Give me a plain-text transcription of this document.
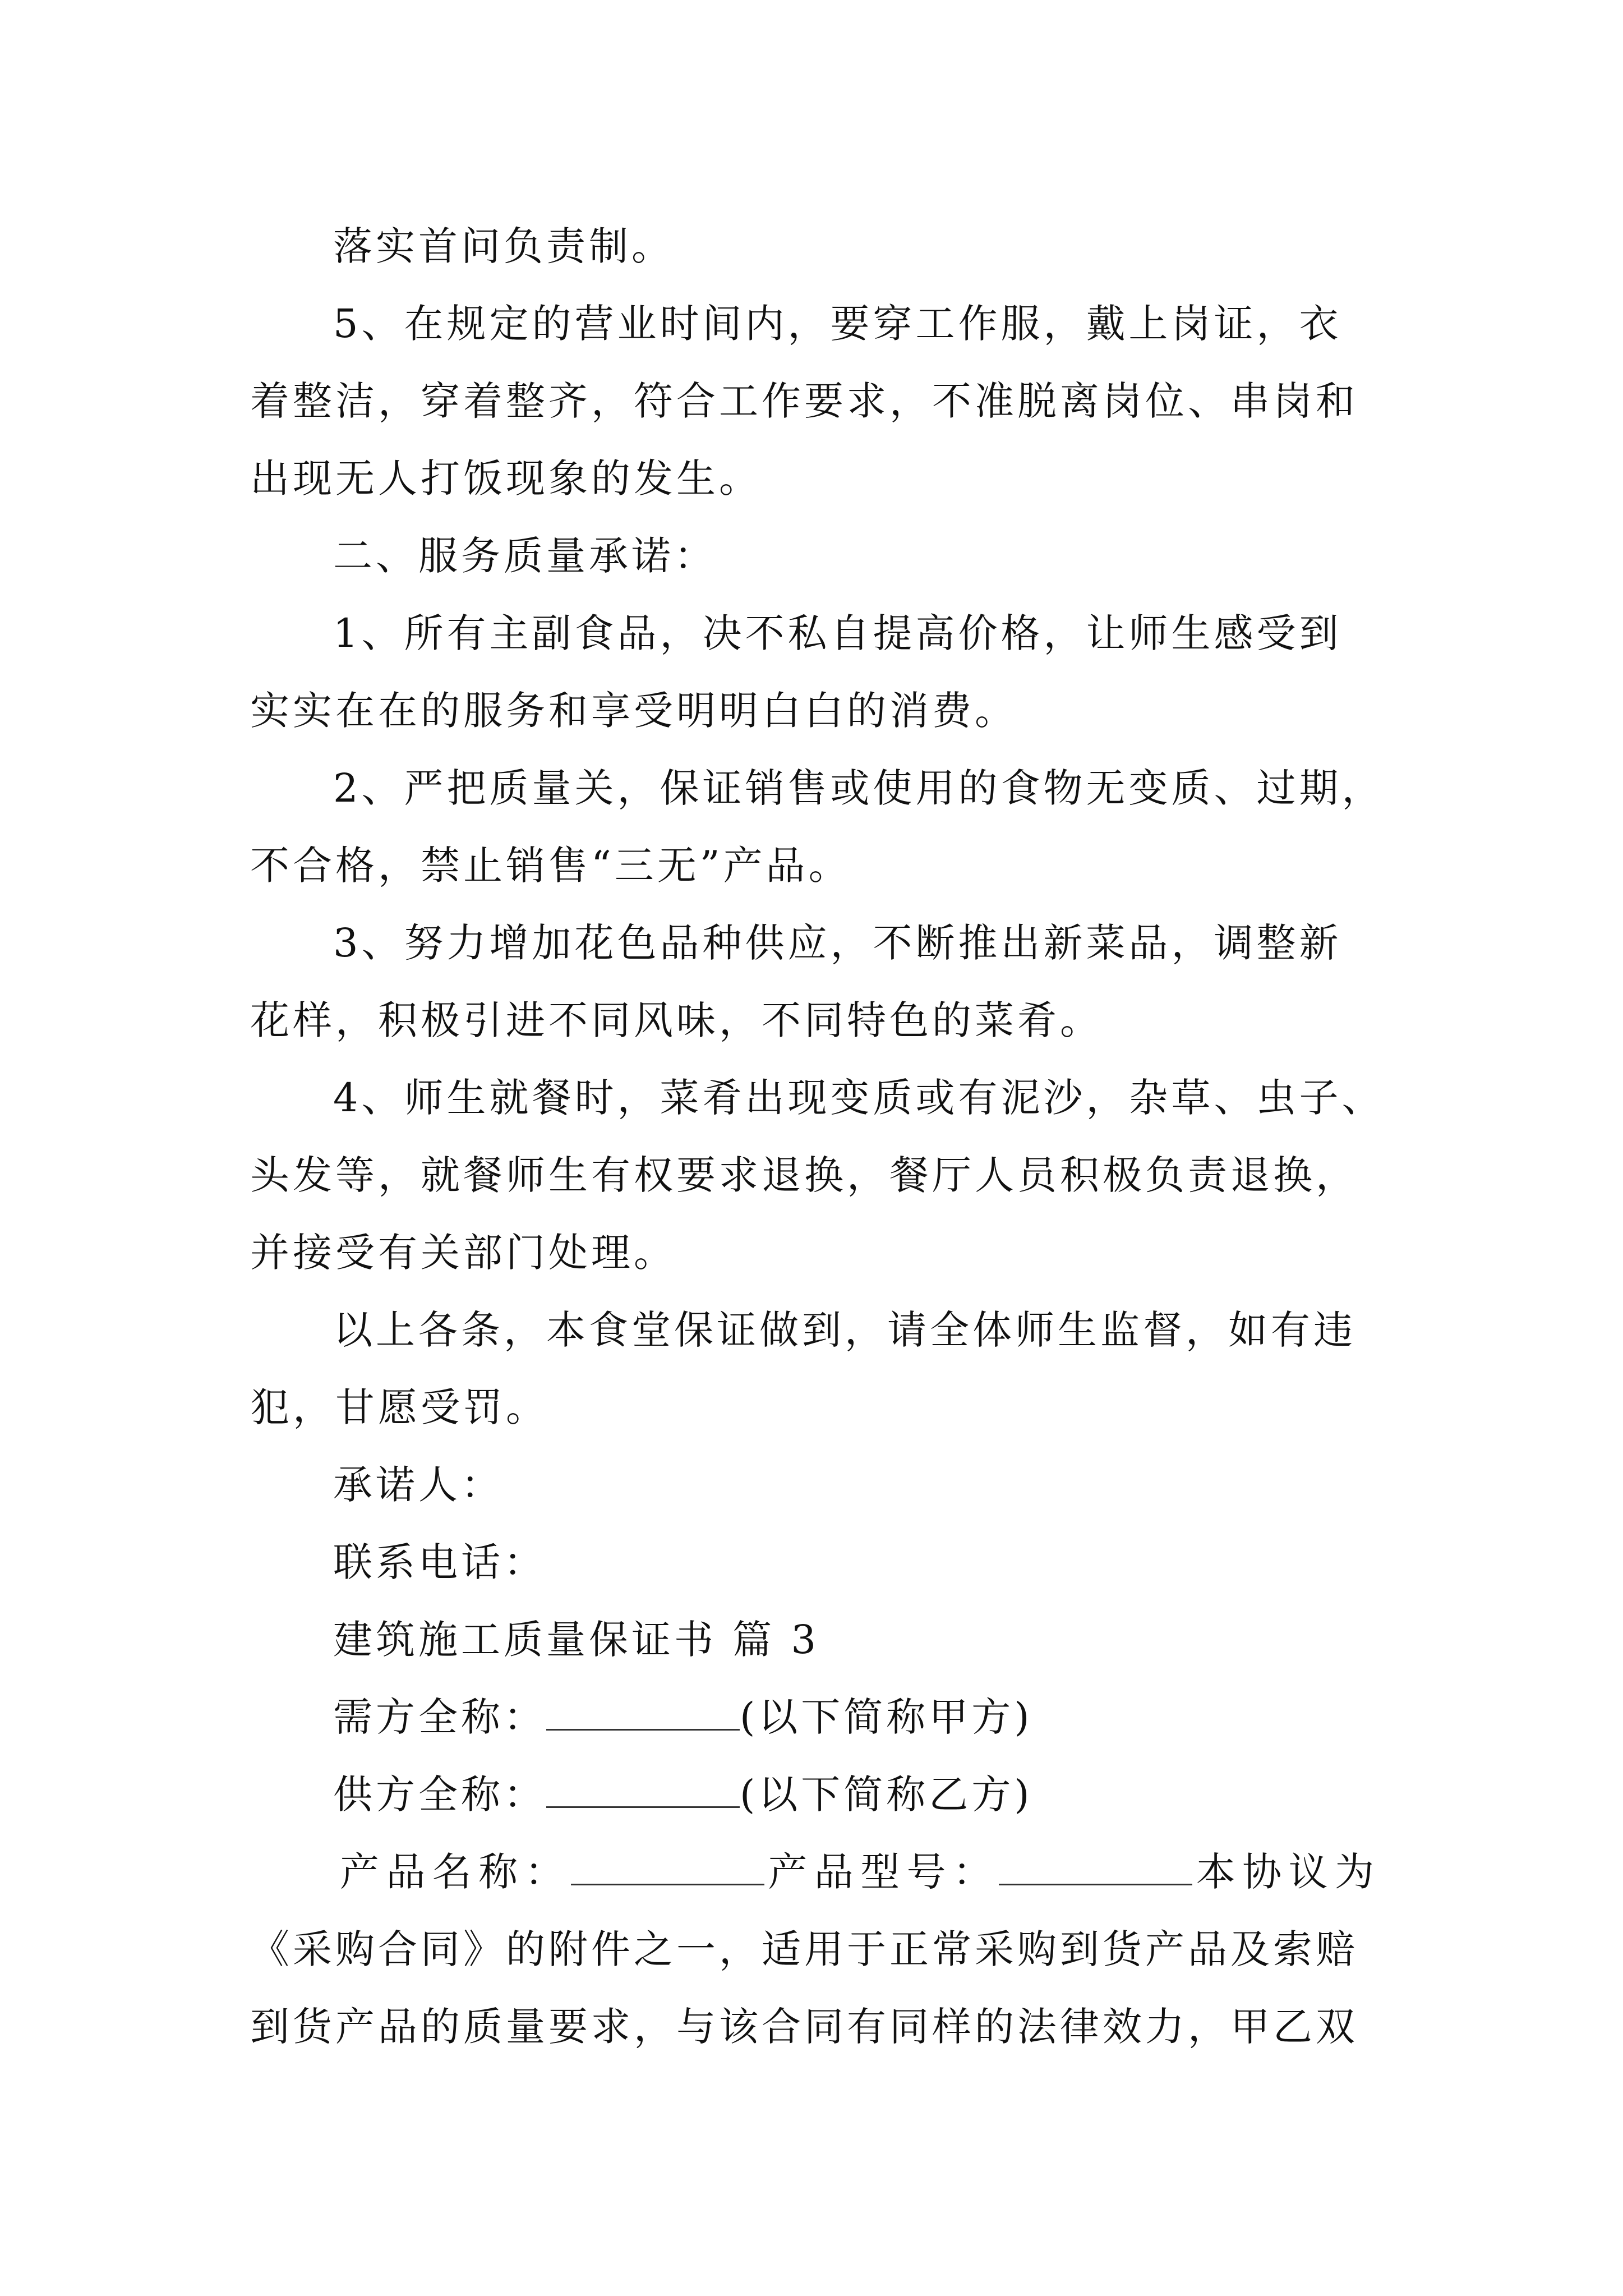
落实首问负责制。
5、在规定的营业时间内，要穿工作服，戴上岗证，衣
着整洁，穿着整齐，符合工作要求，不准脱离岗位、串岗和
出现无人打饭现象的发生。
二、服务质量承诺：
1、所有主副食品，决不私自提高价格，让师生感受到
实实在在的服务和享受明明白白的消费。
2、严把质量关，保证销售或使用的食物无变质、过期，
不合格，禁止销售“三无”产品。
3、努力增加花色品种供应，不断推出新菜品，调整新
花样，积极引进不同风味，不同特色的菜肴。
4、师生就餐时，菜肴出现变质或有泥沙，杂草、虫子、
头发等，就餐师生有权要求退换，餐厅人员积极负责退换，
并接受有关部门处理。
以上各条，本食堂保证做到，请全体师生监督，如有违
犯，甘愿受罚。
承诺人：
联系电话：
建筑施工质量保证书 篇 3
需方全称：	(以下简称甲方)
供方全称：	(以下简称乙方)
产品名称：	产品型号：	本协议为
《采购合同》的附件之一，适用于正常采购到货产品及索赔
到货产品的质量要求，与该合同有同样的法律效力，甲乙双
